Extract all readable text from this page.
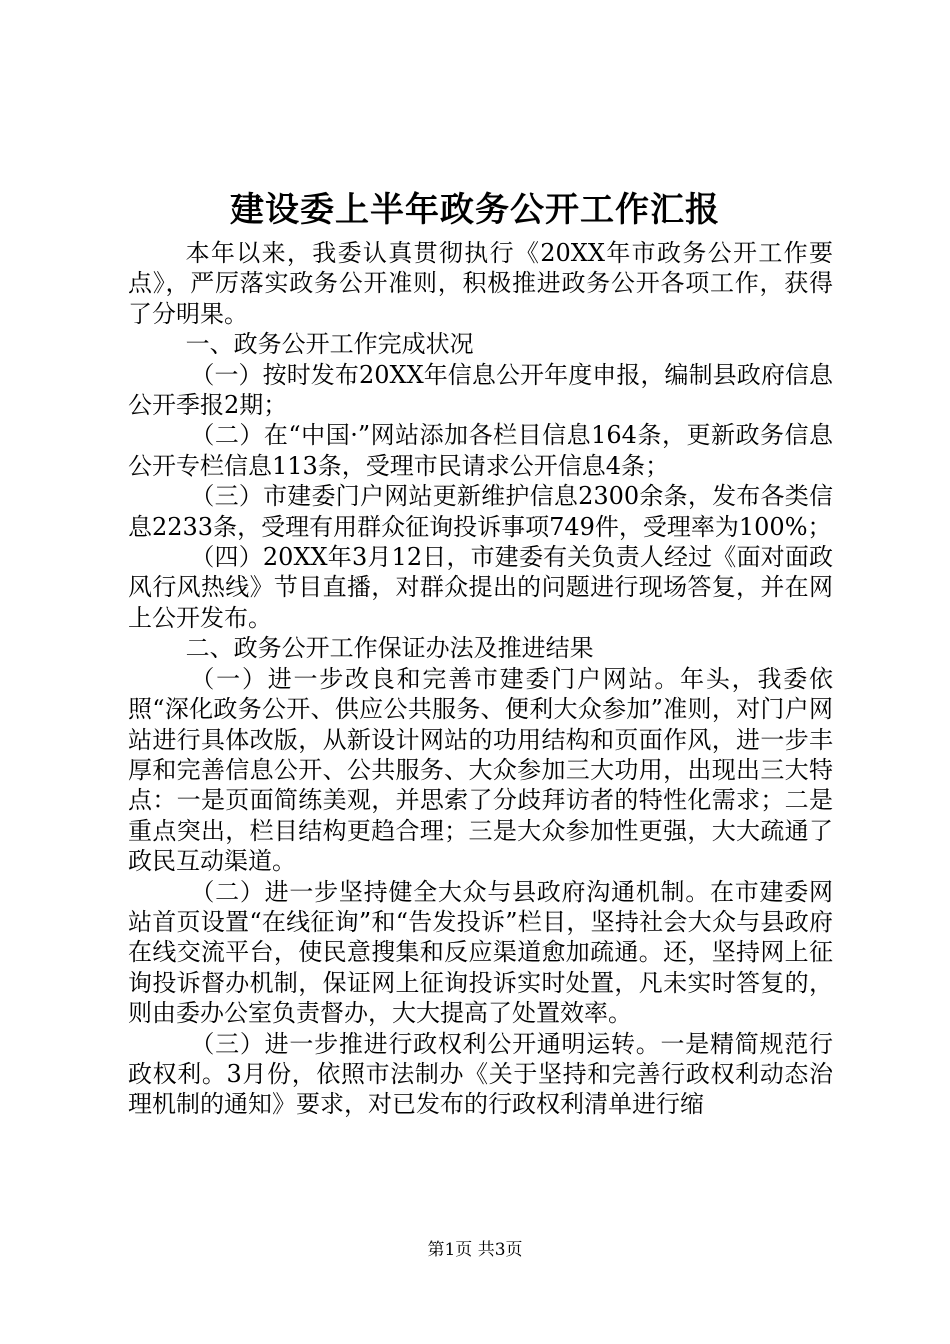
建设委上半年政务公开工作汇报

本年以来，我委认真贯彻执行《20XX年市政务公开工作要点》，严厉落实政务公开准则，积极推进政务公开各项工作，获得了分明果。

一、政务公开工作完成状况

（一）按时发布20XX年信息公开年度申报，编制县政府信息公开季报2期；

（二）在“中国·”网站添加各栏目信息164条，更新政务信息公开专栏信息113条，受理市民请求公开信息4条；

（三）市建委门户网站更新维护信息2300余条，发布各类信息2233条，受理有用群众征询投诉事项749件，受理率为100%；

（四）20XX年3月12日，市建委有关负责人经过《面对面政风行风热线》节目直播，对群众提出的问题进行现场答复，并在网上公开发布。

二、政务公开工作保证办法及推进结果

（一）进一步改良和完善市建委门户网站。年头，我委依照“深化政务公开、供应公共服务、便利大众参加”准则，对门户网站进行具体改版，从新设计网站的功用结构和页面作风，进一步丰厚和完善信息公开、公共服务、大众参加三大功用，出现出三大特点：一是页面简练美观，并思索了分歧拜访者的特性化需求；二是重点突出，栏目结构更趋合理；三是大众参加性更强，大大疏通了政民互动渠道。

（二）进一步坚持健全大众与县政府沟通机制。在市建委网站首页设置“在线征询”和“告发投诉”栏目，坚持社会大众与县政府在线交流平台，使民意搜集和反应渠道愈加疏通。还，坚持网上征询投诉督办机制，保证网上征询投诉实时处置，凡未实时答复的，则由委办公室负责督办，大大提高了处置效率。

（三）进一步推进行政权利公开通明运转。一是精简规范行政权利。3月份，依照市法制办《关于坚持和完善行政权利动态治理机制的通知》要求，对已发布的行政权利清单进行缩

第1页 共3页
